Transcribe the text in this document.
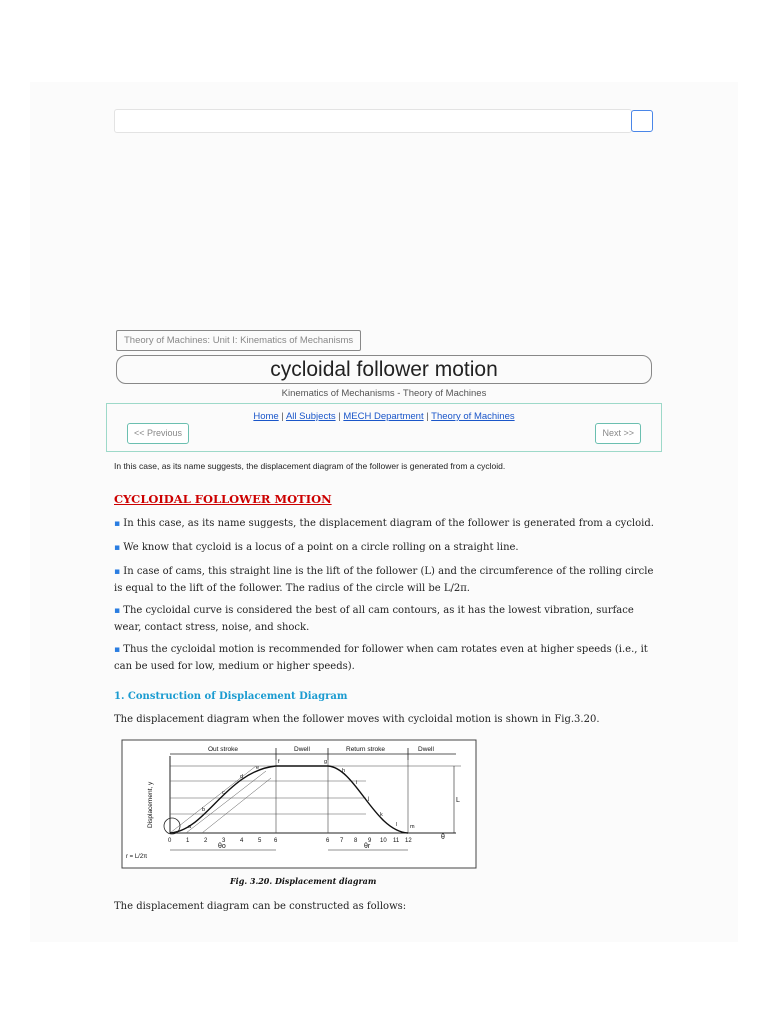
Theory of Machines: Unit I: Kinematics of Mechanisms
cycloidal follower motion
Kinematics of Mechanisms - Theory of Machines
Home | All Subjects | MECH Department | Theory of Machines
<< Previous	Next >>
In this case, as its name suggests, the displacement diagram of the follower is generated from a cycloid.
CYCLOIDAL FOLLOWER MOTION
▪ In this case, as its name suggests, the displacement diagram of the follower is generated from a cycloid.
▪ We know that cycloid is a locus of a point on a circle rolling on a straight line.
▪ In case of cams, this straight line is the lift of the follower (L) and the circumference of the rolling circle is equal to the lift of the follower. The radius of the circle will be L/2π.
▪ The cycloidal curve is considered the best of all cam contours, as it has the lowest vibration, surface wear, contact stress, noise, and shock.
▪ Thus the cycloidal motion is recommended for follower when cam rotates even at higher speeds (i.e., it can be used for low, medium or higher speeds).
1. Construction of Displacement Diagram
The displacement diagram when the follower moves with cycloidal motion is shown in Fig.3.20.
L
Out stroke	Dwell	Return stroke	Dwell
Displacement, y
0 1 2 3 4 5 6	6 7 8 9 10 11 12	θ
θo	θr
r = L/2π
a
b
c
d
e
f	g
h
i
j
k
l m
Fig. 3.20. Displacement diagram
The displacement diagram can be constructed as follows:
